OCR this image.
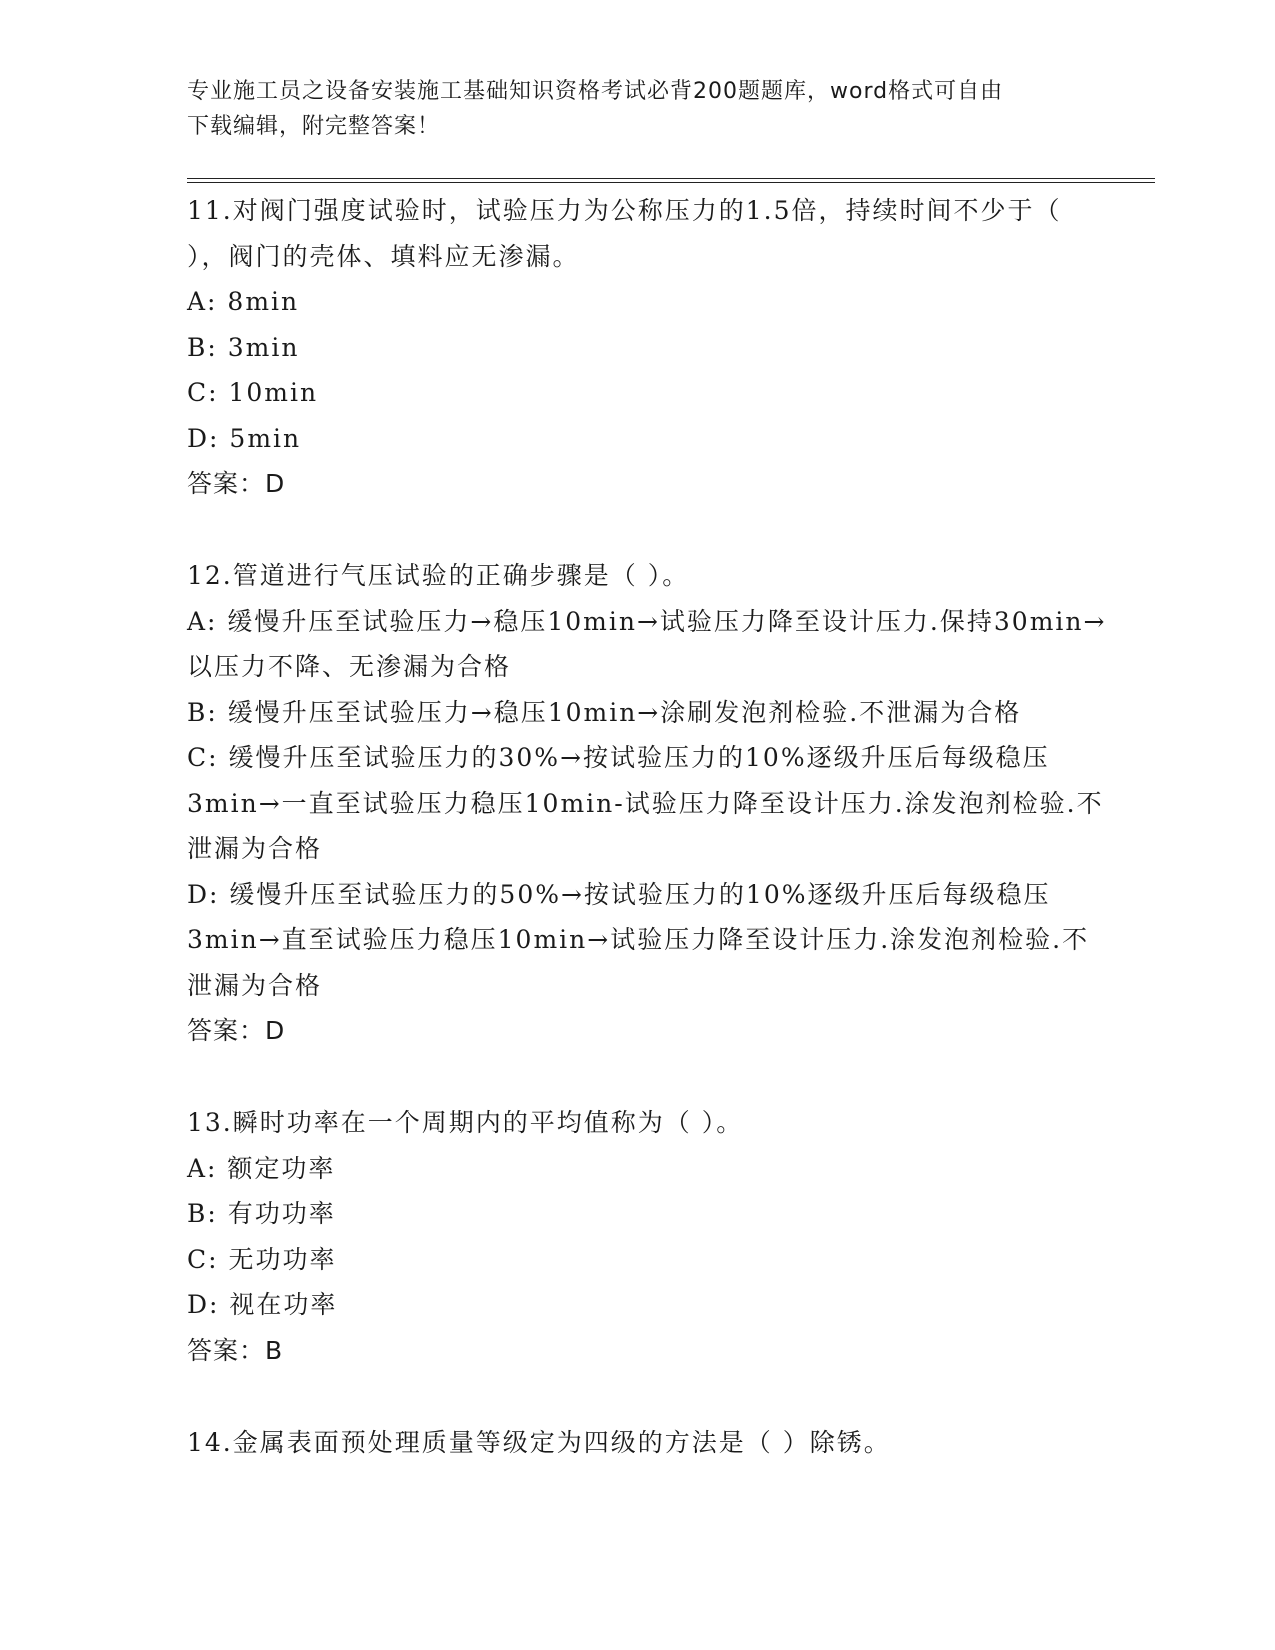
专业施工员之设备安装施工基础知识资格考试必背200题题库，word格式可自由
下载编辑，附完整答案！

11.对阀门强度试验时，试验压力为公称压力的1.5倍，持续时间不少于（ ），阀门的壳体、填料应无渗漏。

A: 8min

B: 3min

C: 10min

D: 5min

答案：D

12.管道进行气压试验的正确步骤是（ ）。

A: 缓慢升压至试验压力→稳压10min→试验压力降至设计压力.保持30min→以压力不降、无渗漏为合格

B: 缓慢升压至试验压力→稳压10min→涂刷发泡剂检验.不泄漏为合格

C: 缓慢升压至试验压力的30%→按试验压力的10%逐级升压后每级稳压3min→一直至试验压力稳压10min-试验压力降至设计压力.涂发泡剂检验.不泄漏为合格

D: 缓慢升压至试验压力的50%→按试验压力的10%逐级升压后每级稳压3min→直至试验压力稳压10min→试验压力降至设计压力.涂发泡剂检验.不泄漏为合格

答案：D

13.瞬时功率在一个周期内的平均值称为（ ）。

A: 额定功率

B: 有功功率

C: 无功功率

D: 视在功率

答案：B

14.金属表面预处理质量等级定为四级的方法是（ ）除锈。
